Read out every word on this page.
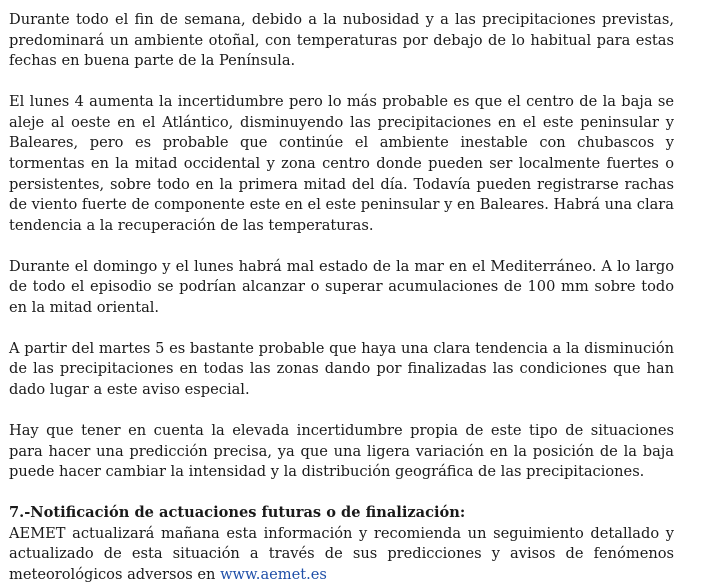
Durante todo el fin de semana, debido a la nubosidad y a las precipitaciones previstas, predominará un ambiente otoñal, con temperaturas por debajo de lo habitual para estas fechas en buena parte de la Península.

El lunes 4 aumenta la incertidumbre pero lo más probable es que el centro de la baja se aleje al oeste en el Atlántico, disminuyendo las precipitaciones en el este peninsular y Baleares, pero es probable que continúe el ambiente inestable con chubascos y tormentas en la mitad occidental y zona centro donde pueden ser localmente fuertes o persistentes, sobre todo en la primera mitad del día. Todavía pueden registrarse rachas de viento fuerte de componente este en el este peninsular y en Baleares. Habrá una clara tendencia a la recuperación de las temperaturas.

Durante el domingo y el lunes habrá mal estado de la mar en el Mediterráneo. A lo largo de todo el episodio se podrían alcanzar o superar acumulaciones de 100 mm sobre todo en la mitad oriental.

A partir del martes 5 es bastante probable que haya una clara tendencia a la disminución de las precipitaciones en todas las zonas dando por finalizadas las condiciones que han dado lugar a este aviso especial.

Hay que tener en cuenta la elevada incertidumbre propia de este tipo de situaciones para hacer una predicción precisa, ya que una ligera variación en la posición de la baja puede hacer cambiar la intensidad y la distribución geográfica de las precipitaciones.

7.-Notificación de actuaciones futuras o de finalización:

AEMET actualizará mañana esta información y recomienda un seguimiento detallado y actualizado de esta situación a través de sus predicciones y avisos de fenómenos meteorológicos adversos en www.aemet.es
